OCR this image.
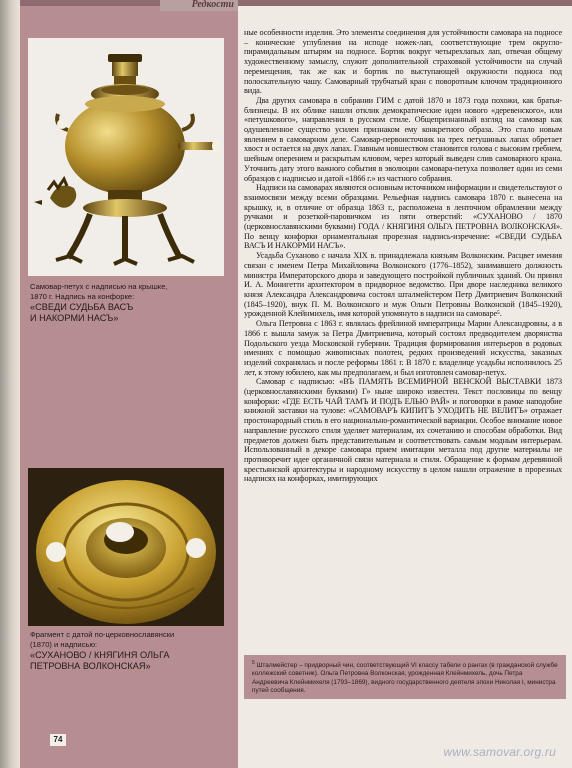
Редкости
Самовар-петух с надписью на крышке,
1870 г. Надпись на конфорке:
«СВЕДИ СУДЬБА ВАСЪ
И НАКОРМИ НАСЪ»
Фрагмент с датой по-церковнославянски
(1870) и надписью:
«СУХАНОВО / КНЯГИНЯ ОЛЬГА
ПЕТРОВНА ВОЛКОНСКАЯ»

ные особенности изделия. Это элементы соединения для устойчивости самовара на подносе – конические углубления на исподе ножек-лап, соответствующие трем округло-пирамидальным штырям на подносе. Бортик вокруг четырехлапых лап, отвечая общему художественному замыслу, служит дополнительной страховкой устойчивости на случай перемещения, так же как и бортик по выступающей окружности подноса под полоскательную чашу. Самоварный трубчатый кран с поворотным ключом традиционного вида.

Два других самовара в собрании ГИМ с датой 1870 и 1873 года похожи, как братья-близнецы. В их облике нашли отклик демократические идеи нового «деревенского», или «петушкового», направления в русском стиле. Общепризнанный взгляд на самовар как одушевленное существо усилен признаком ему конкретного образа. Это стало новым явлением в самоварном деле. Самовар-первоисточник на трех петушиных лапах обретает хвост и остается на двух лапах. Главным новшеством становится голова с высоким гребнем, шейным оперением и раскрытым клювом, через который выведен слив самоварного крана. Уточнить дату этого важного события в эволюции самовара-петуха позволяет один из семи образцов с надписью и датой «1866 г.» из частного собрания.

Надписи на самоварах являются основным источником информации и свидетельствуют о взаимосвязи между всеми образцами. Рельефная надпись самовара 1870 г. вынесена на крышку, и, в отличие от образца 1863 г., расположена в ленточном обрамлении между ручками и розеткой-паровичком из пяти отверстий: «СУХАНОВО / 1870 (церковнославянскими буквами) ГОДА / КНЯГИНЯ ОЛЬГА ПЕТРОВНА ВОЛКОНСКАЯ». По венцу конфорки орнаментальная прорезная надпись-изречение: «СВЕДИ СУДЬБА ВАСЪ И НАКОРМИ НАСЪ».

Усадьба Суханово с начала XIX в. принадлежала князьям Волконским. Расцвет имения связан с именем Петра Михайловича Волконского (1776–1852), занимавшего должность министра Императорского двора и заведующего постройкой публичных зданий. Он принял И. А. Монигетти архитектором в придворное ведомство. При дворе наследника великого князя Александра Александровича состоял шталмейстером Петр Дмитриевич Волконский (1845–1920), внук П. М. Волконского и муж Ольги Петровны Волконской (1845–1920), урожденной Клейнмихель, имя которой упомянуто в надписи на самоваре⁵.

Ольга Петровна с 1863 г. являлась фрейлиной императрицы Марии Александровны, а в 1866 г. вышла замуж за Петра Дмитриевича, который состоял предводителем дворянства Подольского уезда Московской губернии. Традиция формирования интерьеров в родовых имениях с помощью живописных полотен, редких произведений искусства, заказных изделий сохранялась и после реформы 1861 г. В 1870 г. владелице усадьбы исполнилось 25 лет, к этому юбилею, как мы предполагаем, и был изготовлен самовар-петух.

Самовар с надписью: «ВЪ ПАМЯТЬ ВСЕМИРНОЙ ВЕНСКОЙ ВЫСТАВКИ 1873 (церковнославянскими буквами) Г» ныне широко известен. Текст пословицы по венцу конфорки: «ГДЕ ЕСТЬ ЧАЙ ТАМЪ И ПОДЪ ЕЛЬЮ РАЙ» и поговорки в рамке наподобие книжной заставки на тулове: «САМОВАРЪ КИПИТЪ УХОДИТЬ НЕ ВЕЛИТЪ» отражает простонародный стиль в его национально-романтической вариации. Особое внимание новое направление русского стиля уделяет материалам, их сочетанию и способам обработки. Вид предметов должен быть представительным и соответствовать самым модным интерьерам. Использованный в декоре самовара прием имитации металла под другие материалы не противоречит идее органичной связи материала и стиля. Обращение к формам деревянной крестьянской архитектуры и народному искусству в целом нашли отражение в прорезных надписях на конфорках, имитирующих

$^5$ Шталмейстер – придворный чин, соответствующий VI классу табели о рангах (в гражданской службе коллежский советник). Ольга Петровна Волконская, урожденная Клейнмихель, дочь Петра Андреевича Клейнмихеля (1793–1869), видного государственного деятеля эпохи Николая I, министра путей сообщения.
74
www.samovar.org.ru
